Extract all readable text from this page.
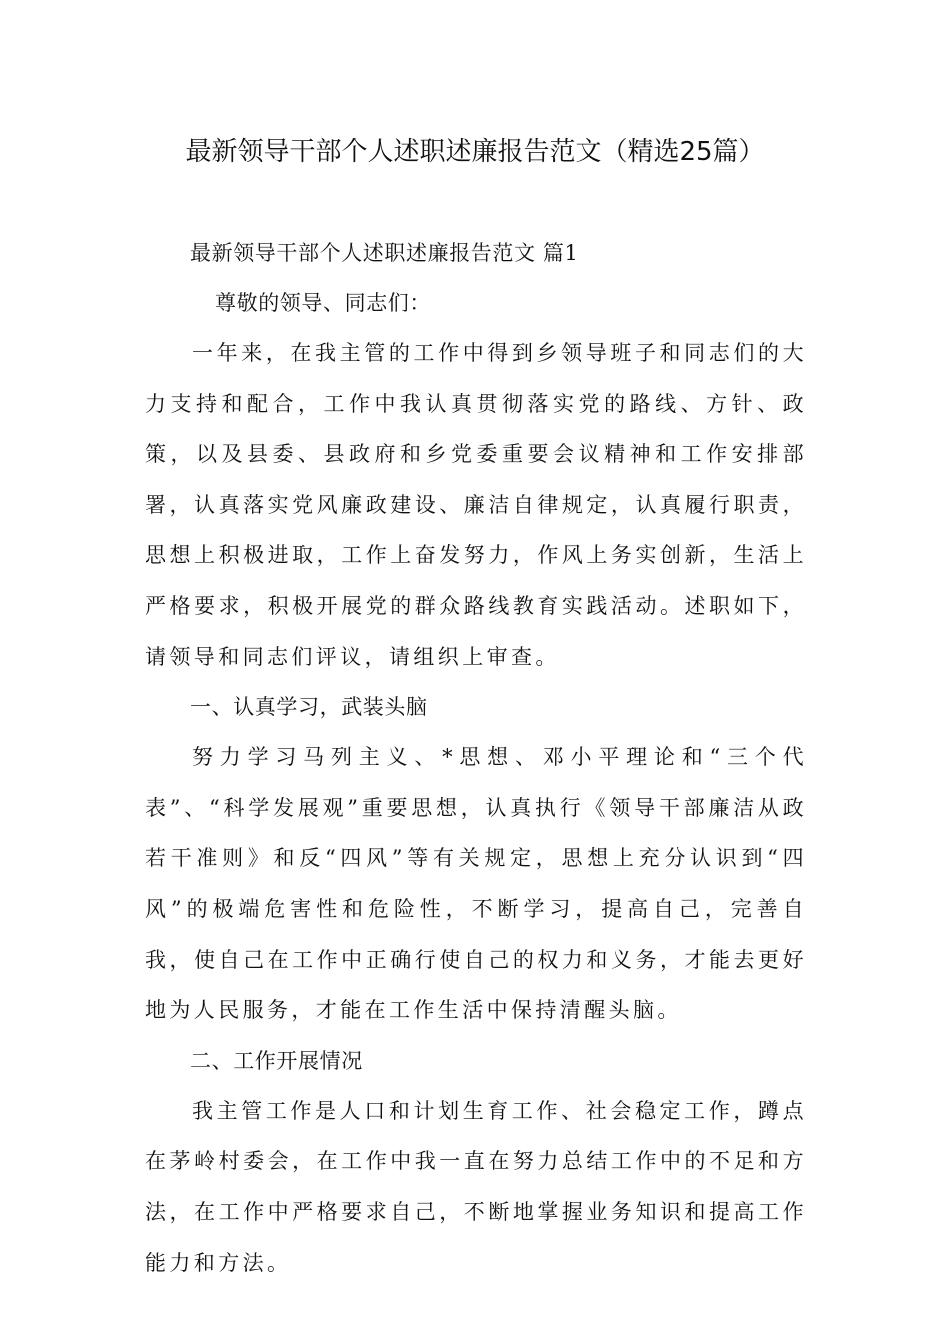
最新领导干部个人述职述廉报告范文（精选25篇）
最新领导干部个人述职述廉报告范文 篇1
尊敬的领导、同志们：

一年来，在我主管的工作中得到乡领导班子和同志们的大力支持和配合，工作中我认真贯彻落实党的路线、方针、政策，以及县委、县政府和乡党委重要会议精神和工作安排部署，认真落实党风廉政建设、廉洁自律规定，认真履行职责，思想上积极进取，工作上奋发努力，作风上务实创新，生活上严格要求，积极开展党的群众路线教育实践活动。述职如下，请领导和同志们评议，请组织上审查。

一、认真学习，武装头脑

努力学习马列主义、*思想、邓小平理论和“三个代表”、“科学发展观”重要思想，认真执行《领导干部廉洁从政若干准则》和反“四风”等有关规定，思想上充分认识到“四风”的极端危害性和危险性，不断学习，提高自己，完善自我，使自己在工作中正确行使自己的权力和义务，才能去更好地为人民服务，才能在工作生活中保持清醒头脑。

二、工作开展情况

我主管工作是人口和计划生育工作、社会稳定工作，蹲点在茅岭村委会，在工作中我一直在努力总结工作中的不足和方法，在工作中严格要求自己，不断地掌握业务知识和提高工作能力和方法。
